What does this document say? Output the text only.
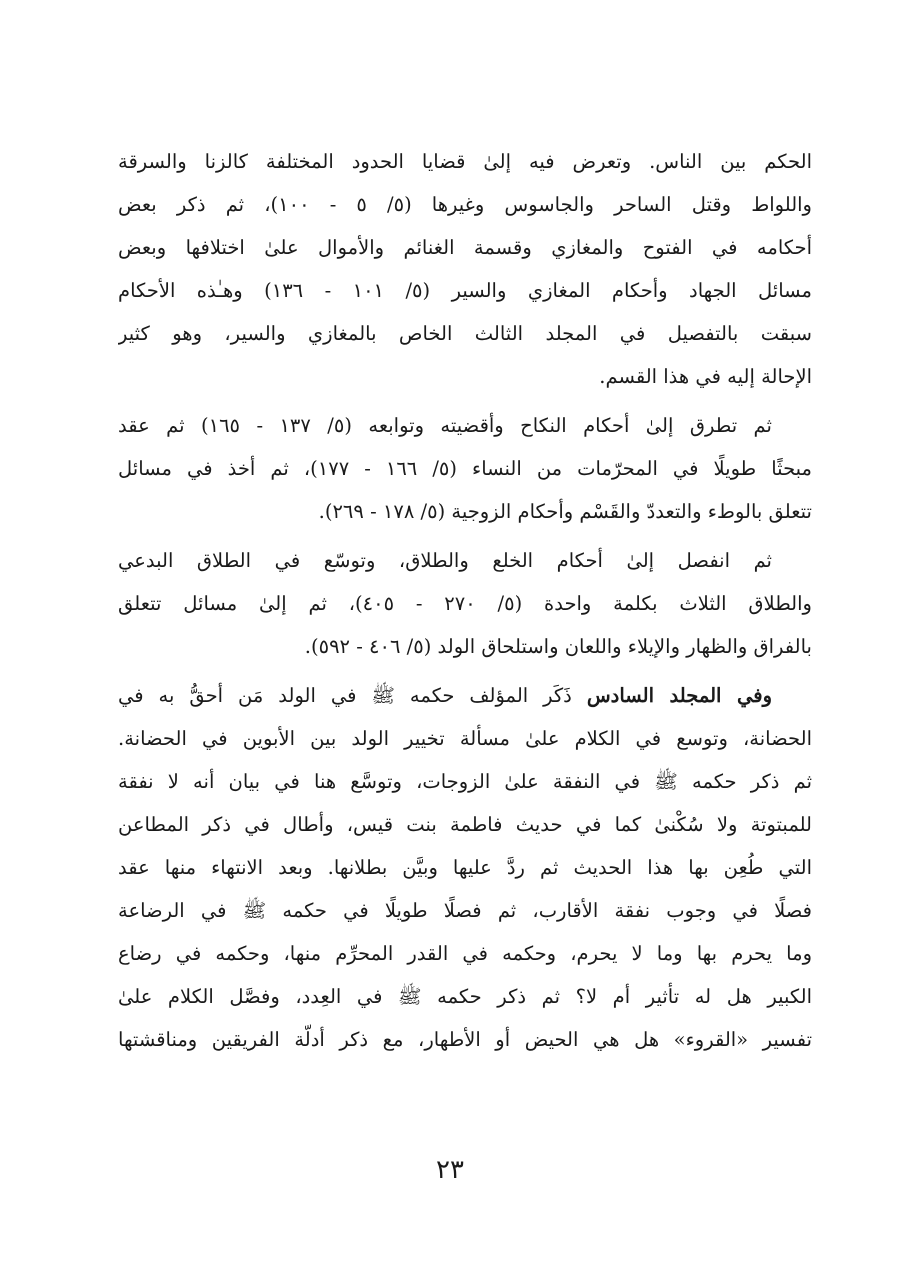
الحكم بين الناس. وتعرض فيه إلىٰ قضايا الحدود المختلفة كالزنا والسرقة
واللواط وقتل الساحر والجاسوس وغيرها (٥/ ٥ - ١٠٠)، ثم ذكر بعض
أحكامه في الفتوح والمغازي وقسمة الغنائم والأموال علىٰ اختلافها وبعض
مسائل الجهاد وأحكام المغازي والسير (٥/ ١٠١ - ١٣٦) وهـٰذه الأحكام
سبقت بالتفصيل في المجلد الثالث الخاص بالمغازي والسير، وهو كثير
الإحالة إليه في هذا القسم.
ثم تطرق إلىٰ أحكام النكاح وأقضيته وتوابعه (٥/ ١٣٧ - ١٦٥) ثم عقد
مبحثًا طويلًا في المحرّمات من النساء (٥/ ١٦٦ - ١٧٧)، ثم أخذ في مسائل
تتعلق بالوطء والتعددّ والقَسْم وأحكام الزوجية (٥/ ١٧٨ - ٢٦٩).
ثم انفصل إلىٰ أحكام الخلع والطلاق، وتوسّع في الطلاق البدعي
والطلاق الثلاث بكلمة واحدة (٥/ ٢٧٠ - ٤٠٥)، ثم إلىٰ مسائل تتعلق
بالفراق والظهار والإيلاء واللعان واستلحاق الولد (٥/ ٤٠٦ - ٥٩٢).
وفي المجلد السادس ذَكَر المؤلف حكمه ﷺ في الولد مَن أحقُّ به في
الحضانة، وتوسع في الكلام علىٰ مسألة تخيير الولد بين الأبوين في الحضانة.
ثم ذكر حكمه ﷺ في النفقة علىٰ الزوجات، وتوسَّع هنا في بيان أنه لا نفقة
للمبتوتة ولا سُكْنىٰ كما في حديث فاطمة بنت قيس، وأطال في ذكر المطاعن
التي طُعِن بها هذا الحديث ثم ردَّ عليها وبيَّن بطلانها. وبعد الانتهاء منها عقد
فصلًا في وجوب نفقة الأقارب، ثم فصلًا طويلًا في حكمه ﷺ في الرضاعة
وما يحرم بها وما لا يحرم، وحكمه في القدر المحرِّم منها، وحكمه في رضاع
الكبير هل له تأثير أم لا؟ ثم ذكر حكمه ﷺ في العِدد، وفصَّل الكلام علىٰ
تفسير «القروء» هل هي الحيض أو الأطهار، مع ذكر أدلّة الفريقين ومناقشتها
٢٣
